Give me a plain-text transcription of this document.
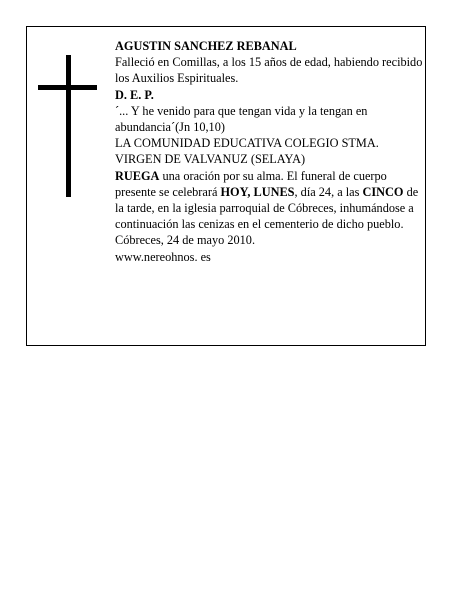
AGUSTIN SANCHEZ REBANAL

Falleció en Comillas, a los 15 años de edad, habiendo recibido los Auxilios Espirituales.

D. E. P.

´... Y he venido para que tengan vida y la tengan en abundancia´(Jn 10,10)

LA COMUNIDAD EDUCATIVA COLEGIO STMA.

VIRGEN DE VALVANUZ (SELAYA)

RUEGA una oración por su alma. El funeral de cuerpo presente se celebrará HOY, LUNES, día 24, a las CINCO de la tarde, en la iglesia parroquial de Cóbreces, inhumándose a continuación las cenizas en el cementerio de dicho pueblo.

Cóbreces, 24 de mayo 2010.

www.nereohnos. es
